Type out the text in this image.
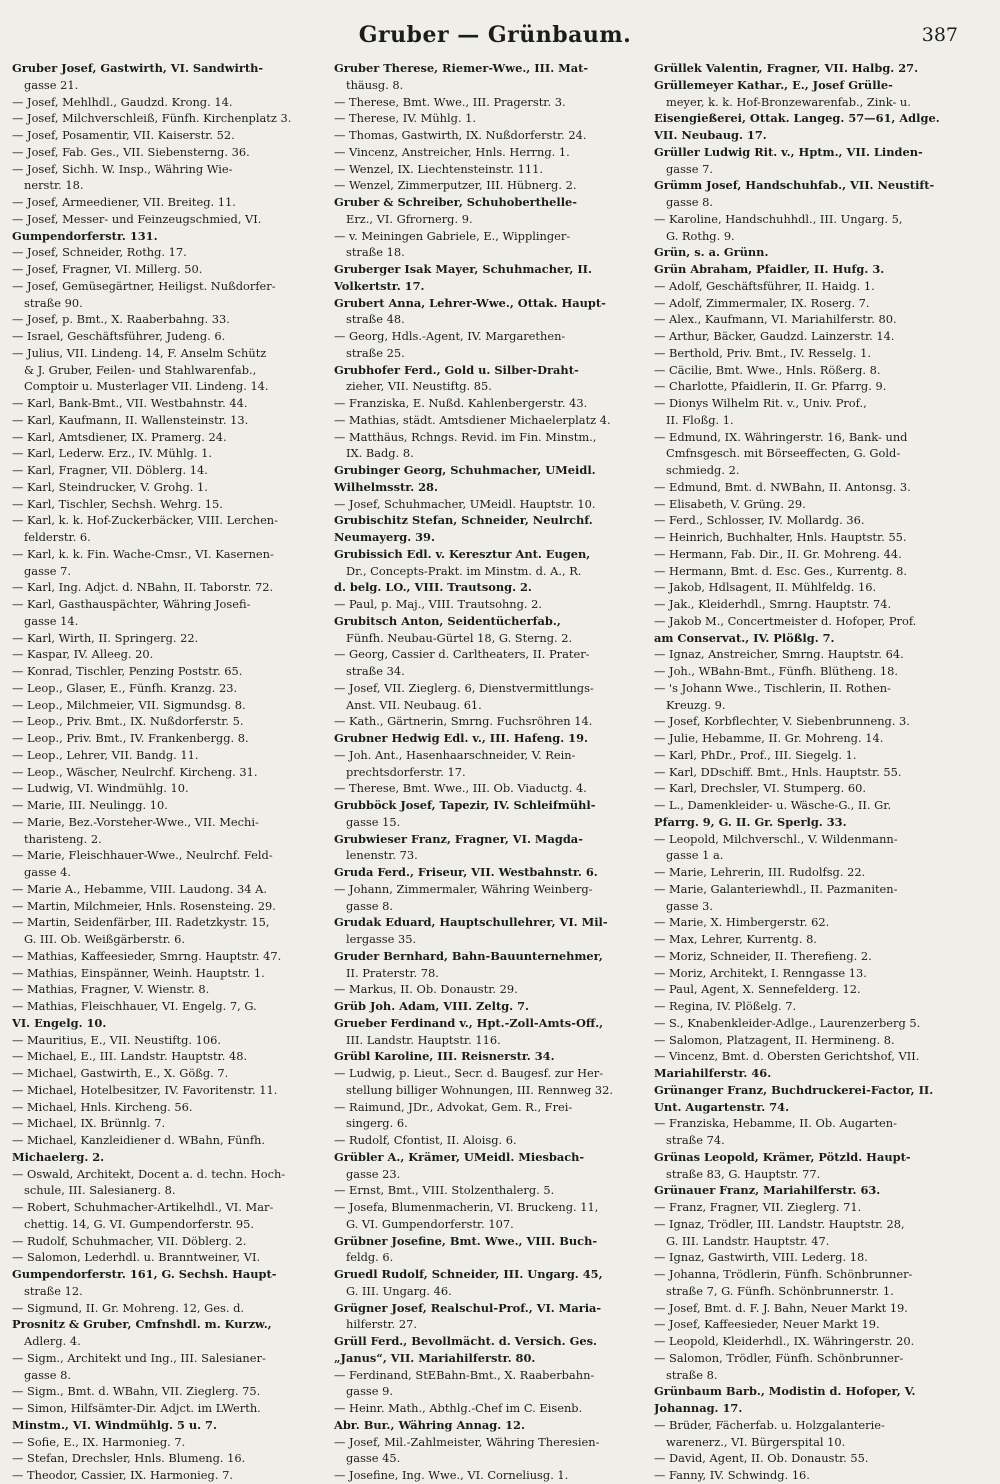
Gruber — Grünbaum.	387
Gruber Josef, Gastwirth, VI. Sandwirth-
gasse 21.
— Josef, Mehlhdl., Gaudzd. Krong. 14.
— Josef, Milchverschleiß, Fünfh. Kirchenplatz 3.
— Josef, Posamentir, VII. Kaiserstr. 52.
— Josef, Fab. Ges., VII. Siebensterng. 36.
— Josef, Sichh. W. Insp., Währing Wie-
nerstr. 18.
— Josef, Armeediener, VII. Breiteg. 11.
— Josef, Messer- und Feinzeugschmied, VI.
Gumpendorferstr. 131.
— Josef, Schneider, Rothg. 17.
— Josef, Fragner, VI. Millerg. 50.
— Josef, Gemüsegärtner, Heiligst. Nußdorfer-
straße 90.
— Josef, p. Bmt., X. Raaberbahng. 33.
— Israel, Geschäftsführer, Judeng. 6.
— Julius, VII. Lindeng. 14, F. Anselm Schütz
& J. Gruber, Feilen- und Stahlwarenfab.,
Comptoir u. Musterlager VII. Lindeng. 14.
— Karl, Bank-Bmt., VII. Westbahnstr. 44.
— Karl, Kaufmann, II. Wallensteinstr. 13.
— Karl, Amtsdiener, IX. Pramerg. 24.
— Karl, Lederw. Erz., IV. Mühlg. 1.
— Karl, Fragner, VII. Döblerg. 14.
— Karl, Steindrucker, V. Grohg. 1.
— Karl, Tischler, Sechsh. Wehrg. 15.
— Karl, k. k. Hof-Zuckerbäcker, VIII. Lerchen-
felderstr. 6.
— Karl, k. k. Fin. Wache-Cmsr., VI. Kasernen-
gasse 7.
— Karl, Ing. Adjct. d. NBahn, II. Taborstr. 72.
— Karl, Gasthauspächter, Währing Josefi-
gasse 14.
— Karl, Wirth, II. Springerg. 22.
— Kaspar, IV. Alleeg. 20.
— Konrad, Tischler, Penzing Poststr. 65.
— Leop., Glaser, E., Fünfh. Kranzg. 23.
— Leop., Milchmeier, VII. Sigmundsg. 8.
— Leop., Priv. Bmt., IX. Nußdorferstr. 5.
— Leop., Priv. Bmt., IV. Frankenbergg. 8.
— Leop., Lehrer, VII. Bandg. 11.
— Leop., Wäscher, Neulrchf. Kircheng. 31.
— Ludwig, VI. Windmühlg. 10.
— Marie, III. Neulingg. 10.
— Marie, Bez.-Vorsteher-Wwe., VII. Mechi-
tharisteng. 2.
— Marie, Fleischhauer-Wwe., Neulrchf. Feld-
gasse 4.
— Marie A., Hebamme, VIII. Laudong. 34 A.
— Martin, Milchmeier, Hnls. Rosensteing. 29.
— Martin, Seidenfärber, III. Radetzkystr. 15,
G. III. Ob. Weißgärberstr. 6.
— Mathias, Kaffeesieder, Smrng. Hauptstr. 47.
— Mathias, Einspänner, Weinh. Hauptstr. 1.
— Mathias, Fragner, V. Wienstr. 8.
— Mathias, Fleischhauer, VI. Engelg. 7, G.
VI. Engelg. 10.
— Mauritius, E., VII. Neustiftg. 106.
— Michael, E., III. Landstr. Hauptstr. 48.
— Michael, Gastwirth, E., X. Gößg. 7.
— Michael, Hotelbesitzer, IV. Favoritenstr. 11.
— Michael, Hnls. Kircheng. 56.
— Michael, IX. Brünnlg. 7.
— Michael, Kanzleidiener d. WBahn, Fünfh.
Michaelerg. 2.
— Oswald, Architekt, Docent a. d. techn. Hoch-
schule, III. Salesianerg. 8.
— Robert, Schuhmacher-Artikelhdl., VI. Mar-
chettig. 14, G. VI. Gumpendorferstr. 95.
— Rudolf, Schuhmacher, VII. Döblerg. 2.
— Salomon, Lederhdl. u. Branntweiner, VI.
Gumpendorferstr. 161, G. Sechsh. Haupt-
straße 12.
— Sigmund, II. Gr. Mohreng. 12, Ges. d.
Prosnitz & Gruber, Cmfnshdl. m. Kurzw.,
Adlerg. 4.
— Sigm., Architekt und Ing., III. Salesianer-
gasse 8.
— Sigm., Bmt. d. WBahn, VII. Zieglerg. 75.
— Simon, Hilfsämter-Dir. Adjct. im LWerth.
Minstm., VI. Windmühlg. 5 u. 7.
— Sofie, E., IX. Harmonieg. 7.
— Stefan, Drechsler, Hnls. Blumeng. 16.
— Theodor, Cassier, IX. Harmonieg. 7.
Gruber Therese, Riemer-Wwe., III. Mat-
thäusg. 8.
— Therese, Bmt. Wwe., III. Pragerstr. 3.
— Therese, IV. Mühlg. 1.
— Thomas, Gastwirth, IX. Nußdorferstr. 24.
— Vincenz, Anstreicher, Hnls. Herrng. 1.
— Wenzel, IX. Liechtensteinstr. 111.
— Wenzel, Zimmerputzer, III. Hübnerg. 2.
Gruber & Schreiber, Schuhoberthelle-
Erz., VI. Gfrornerg. 9.
— v. Meiningen Gabriele, E., Wipplinger-
straße 18.
Gruberger Isak Mayer, Schuhmacher, II.
Volkertstr. 17.
Grubert Anna, Lehrer-Wwe., Ottak. Haupt-
straße 48.
— Georg, Hdls.-Agent, IV. Margarethen-
straße 25.
Grubhofer Ferd., Gold u. Silber-Draht-
zieher, VII. Neustiftg. 85.
— Franziska, E. Nußd. Kahlenbergerstr. 43.
— Mathias, städt. Amtsdiener Michaelerplatz 4.
— Matthäus, Rchngs. Revid. im Fin. Minstm.,
IX. Badg. 8.
Grubinger Georg, Schuhmacher, UMeidl.
Wilhelmsstr. 28.
— Josef, Schuhmacher, UMeidl. Hauptstr. 10.
Grubischitz Stefan, Schneider, Neulrchf.
Neumayerg. 39.
Grubissich Edl. v. Keresztur Ant. Eugen,
Dr., Concepts-Prakt. im Minstm. d. A., R.
d. belg. LO., VIII. Trautsong. 2.
— Paul, p. Maj., VIII. Trautsohng. 2.
Grubitsch Anton, Seidentücherfab.,
Fünfh. Neubau-Gürtel 18, G. Sterng. 2.
— Georg, Cassier d. Carltheaters, II. Prater-
straße 34.
— Josef, VII. Zieglerg. 6, Dienstvermittlungs-
Anst. VII. Neubaug. 61.
— Kath., Gärtnerin, Smrng. Fuchsröhren 14.
Grubner Hedwig Edl. v., III. Hafeng. 19.
— Joh. Ant., Hasenhaarschneider, V. Rein-
prechtsdorferstr. 17.
— Therese, Bmt. Wwe., III. Ob. Viaductg. 4.
Grubböck Josef, Tapezir, IV. Schleifmühl-
gasse 15.
Grubwieser Franz, Fragner, VI. Magda-
lenenstr. 73.
Gruda Ferd., Friseur, VII. Westbahnstr. 6.
— Johann, Zimmermaler, Währing Weinberg-
gasse 8.
Grudak Eduard, Hauptschullehrer, VI. Mil-
lergasse 35.
Gruder Bernhard, Bahn-Bauunternehmer,
II. Praterstr. 78.
— Markus, II. Ob. Donaustr. 29.
Grüb Joh. Adam, VIII. Zeltg. 7.
Grueber Ferdinand v., Hpt.-Zoll-Amts-Off.,
III. Landstr. Hauptstr. 116.
Grübl Karoline, III. Reisnerstr. 34.
— Ludwig, p. Lieut., Secr. d. Baugesf. zur Her-
stellung billiger Wohnungen, III. Rennweg 32.
— Raimund, JDr., Advokat, Gem. R., Frei-
singerg. 6.
— Rudolf, Cfontist, II. Aloisg. 6.
Grübler A., Krämer, UMeidl. Miesbach-
gasse 23.
— Ernst, Bmt., VIII. Stolzenthalerg. 5.
— Josefa, Blumenmacherin, VI. Bruckeng. 11,
G. VI. Gumpendorferstr. 107.
Grübner Josefine, Bmt. Wwe., VIII. Buch-
feldg. 6.
Gruedl Rudolf, Schneider, III. Ungarg. 45,
G. III. Ungarg. 46.
Grügner Josef, Realschul-Prof., VI. Maria-
hilferstr. 27.
Grüll Ferd., Bevollmächt. d. Versich. Ges.
„Janus“, VII. Mariahilferstr. 80.
— Ferdinand, StEBahn-Bmt., X. Raaberbahn-
gasse 9.
— Heinr. Math., Abthlg.-Chef im C. Eisenb.
Abr. Bur., Währing Annag. 12.
— Josef, Mil.-Zahlmeister, Währing Theresien-
gasse 45.
— Josefine, Ing. Wwe., VI. Corneliusg. 1.
Grüllek Valentin, Fragner, VII. Halbg. 27.
Grüllemeyer Kathar., E., Josef Grülle-
meyer, k. k. Hof-Bronzewarenfab., Zink- u.
Eisengießerei, Ottak. Langeg. 57—61, Adlge.
VII. Neubaug. 17.
Grüller Ludwig Rit. v., Hptm., VII. Linden-
gasse 7.
Grümm Josef, Handschuhfab., VII. Neustift-
gasse 8.
— Karoline, Handschuhhdl., III. Ungarg. 5,
G. Rothg. 9.
Grün, s. a. Grünn.
Grün Abraham, Pfaidler, II. Hufg. 3.
— Adolf, Geschäftsführer, II. Haidg. 1.
— Adolf, Zimmermaler, IX. Roserg. 7.
— Alex., Kaufmann, VI. Mariahilferstr. 80.
— Arthur, Bäcker, Gaudzd. Lainzerstr. 14.
— Berthold, Priv. Bmt., IV. Resselg. 1.
— Cäcilie, Bmt. Wwe., Hnls. Rößerg. 8.
— Charlotte, Pfaidlerin, II. Gr. Pfarrg. 9.
— Dionys Wilhelm Rit. v., Univ. Prof.,
II. Floßg. 1.
— Edmund, IX. Währingerstr. 16, Bank- und
Cmfnsgesch. mit Börseeffecten, G. Gold-
schmiedg. 2.
— Edmund, Bmt. d. NWBahn, II. Antonsg. 3.
— Elisabeth, V. Grüng. 29.
— Ferd., Schlosser, IV. Mollardg. 36.
— Heinrich, Buchhalter, Hnls. Hauptstr. 55.
— Hermann, Fab. Dir., II. Gr. Mohreng. 44.
— Hermann, Bmt. d. Esc. Ges., Kurrentg. 8.
— Jakob, Hdlsagent, II. Mühlfeldg. 16.
— Jak., Kleiderhdl., Smrng. Hauptstr. 74.
— Jakob M., Concertmeister d. Hofoper, Prof.
am Conservat., IV. Plößlg. 7.
— Ignaz, Anstreicher, Smrng. Hauptstr. 64.
— Joh., WBahn-Bmt., Fünfh. Blütheng. 18.
— 's Johann Wwe., Tischlerin, II. Rothen-
Kreuzg. 9.
— Josef, Korbflechter, V. Siebenbrunneng. 3.
— Julie, Hebamme, II. Gr. Mohreng. 14.
— Karl, PhDr., Prof., III. Siegelg. 1.
— Karl, DDschiff. Bmt., Hnls. Hauptstr. 55.
— Karl, Drechsler, VI. Stumperg. 60.
— L., Damenkleider- u. Wäsche-G., II. Gr.
Pfarrg. 9, G. II. Gr. Sperlg. 33.
— Leopold, Milchverschl., V. Wildenmann-
gasse 1 a.
— Marie, Lehrerin, III. Rudolfsg. 22.
— Marie, Galanteriewhdl., II. Pazmaniten-
gasse 3.
— Marie, X. Himbergerstr. 62.
— Max, Lehrer, Kurrentg. 8.
— Moriz, Schneider, II. Therefieng. 2.
— Moriz, Architekt, I. Renngasse 13.
— Paul, Agent, X. Sennefelderg. 12.
— Regina, IV. Plößelg. 7.
— S., Knabenkleider-Adlge., Laurenzerberg 5.
— Salomon, Platzagent, II. Hermineng. 8.
— Vincenz, Bmt. d. Obersten Gerichtshof, VII.
Mariahilferstr. 46.
Grünanger Franz, Buchdruckerei-Factor, II.
Unt. Augartenstr. 74.
— Franziska, Hebamme, II. Ob. Augarten-
straße 74.
Grünas Leopold, Krämer, Pötzld. Haupt-
straße 83, G. Hauptstr. 77.
Grünauer Franz, Mariahilferstr. 63.
— Franz, Fragner, VII. Zieglerg. 71.
— Ignaz, Trödler, III. Landstr. Hauptstr. 28,
G. III. Landstr. Hauptstr. 47.
— Ignaz, Gastwirth, VIII. Lederg. 18.
— Johanna, Trödlerin, Fünfh. Schönbrunner-
straße 7, G. Fünfh. Schönbrunnerstr. 1.
— Josef, Bmt. d. F. J. Bahn, Neuer Markt 19.
— Josef, Kaffeesieder, Neuer Markt 19.
— Leopold, Kleiderhdl., IX. Währingerstr. 20.
— Salomon, Trödler, Fünfh. Schönbrunner-
straße 8.
Grünbaum Barb., Modistin d. Hofoper, V.
Johannag. 17.
— Brüder, Fächerfab. u. Holzgalanterie-
warenerz., VI. Bürgerspital 10.
— David, Agent, II. Ob. Donaustr. 55.
— Fanny, IV. Schwindg. 16.
